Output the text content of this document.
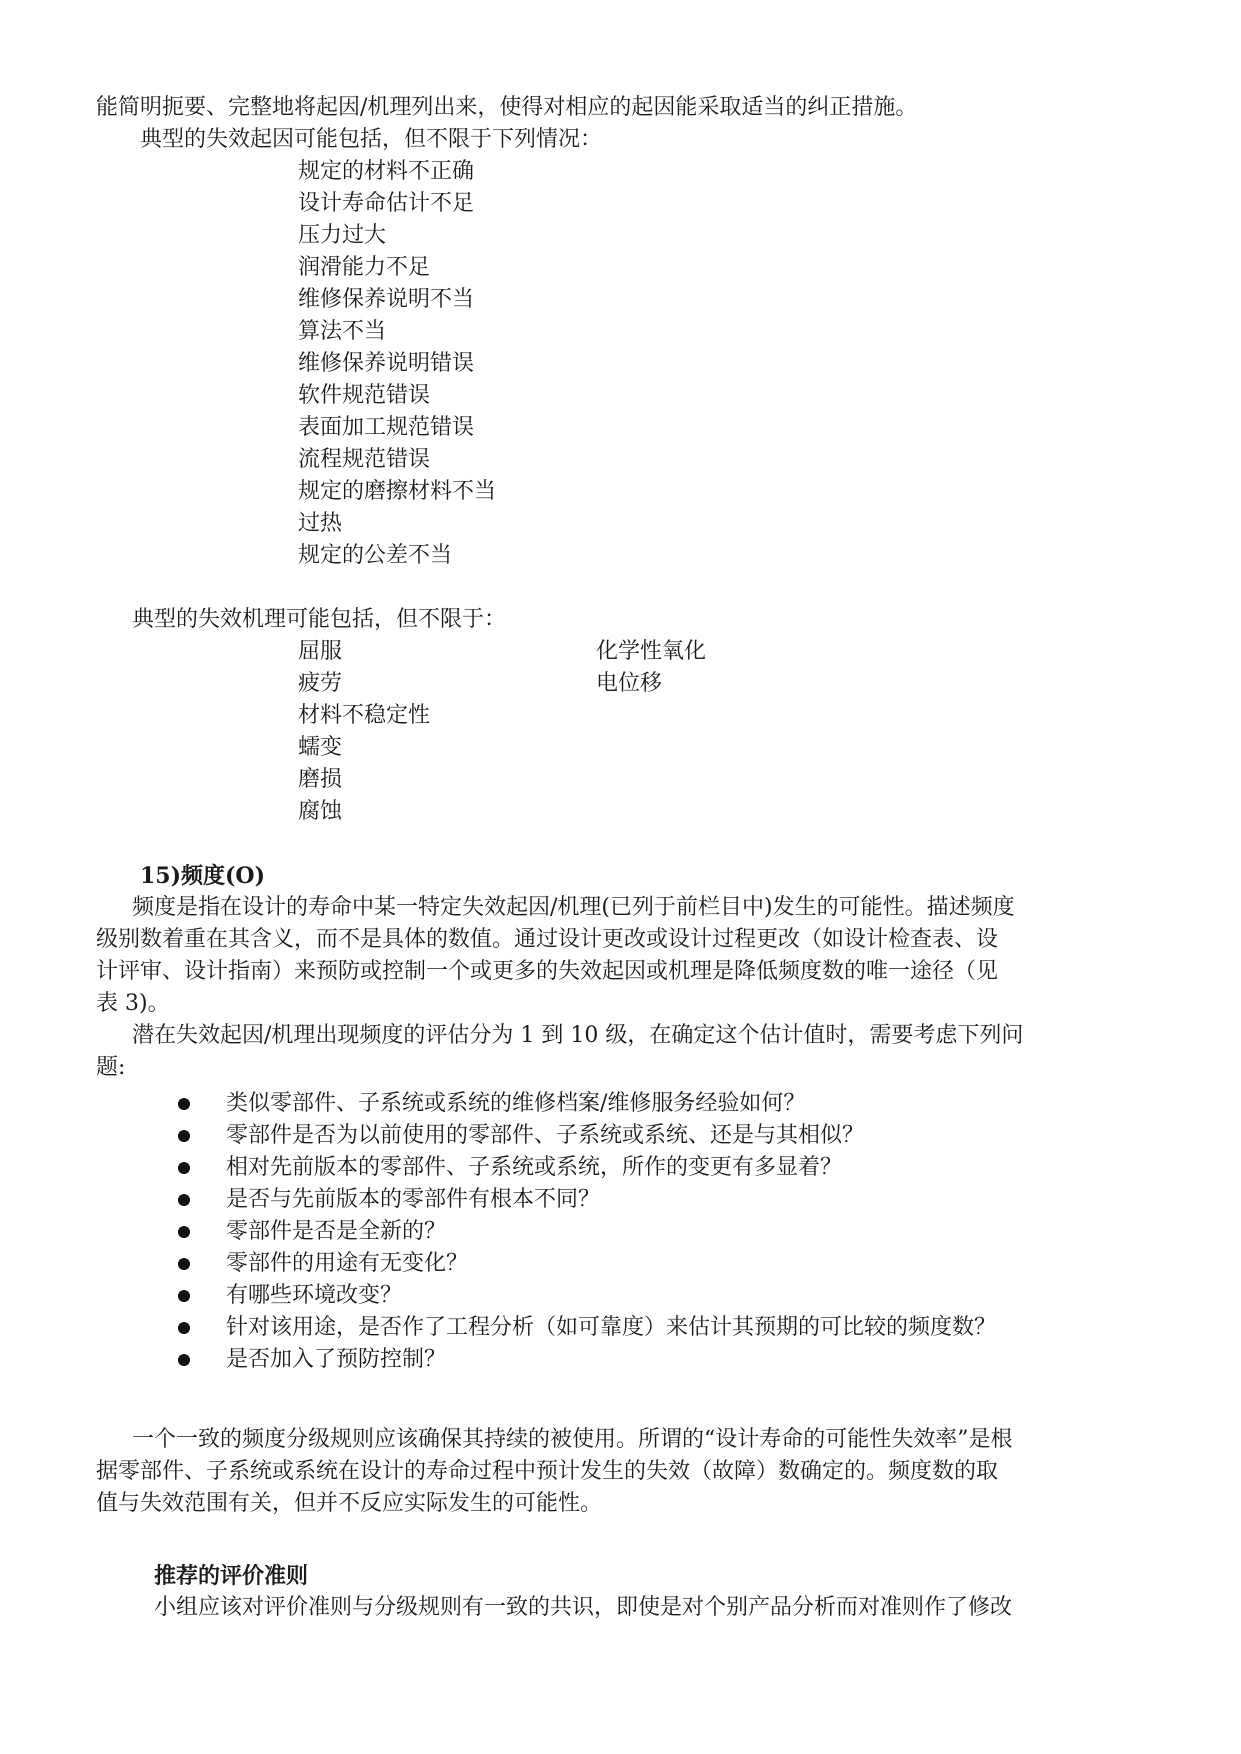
能简明扼要、完整地将起因/机理列出来，使得对相应的起因能采取适当的纠正措施。
典型的失效起因可能包括，但不限于下列情况：
规定的材料不正确
设计寿命估计不足
压力过大
润滑能力不足
维修保养说明不当
算法不当
维修保养说明错误
软件规范错误
表面加工规范错误
流程规范错误
规定的磨擦材料不当
过热
规定的公差不当
典型的失效机理可能包括，但不限于：
屈服
疲劳
材料不稳定性
蠕变
磨损
腐蚀
化学性氧化
电位移
15)频度(O)
频度是指在设计的寿命中某一特定失效起因/机理(已列于前栏目中)发生的可能性。描述频度
级别数着重在其含义，而不是具体的数值。通过设计更改或设计过程更改（如设计检查表、设
计评审、设计指南）来预防或控制一个或更多的失效起因或机理是降低频度数的唯一途径（见
表 3)。
潜在失效起因/机理出现频度的评估分为 1 到 10 级，在确定这个估计值时，需要考虑下列问
题:
类似零部件、子系统或系统的维修档案/维修服务经验如何？
零部件是否为以前使用的零部件、子系统或系统、还是与其相似？
相对先前版本的零部件、子系统或系统，所作的变更有多显着？
是否与先前版本的零部件有根本不同？
零部件是否是全新的？
零部件的用途有无变化？
有哪些环境改变？
针对该用途，是否作了工程分析（如可靠度）来估计其预期的可比较的频度数？
是否加入了预防控制？
一个一致的频度分级规则应该确保其持续的被使用。所谓的“设计寿命的可能性失效率”是根
据零部件、子系统或系统在设计的寿命过程中预计发生的失效（故障）数确定的。频度数的取
值与失效范围有关，但并不反应实际发生的可能性。
推荐的评价准则
小组应该对评价准则与分级规则有一致的共识，即使是对个别产品分析而对准则作了修改
